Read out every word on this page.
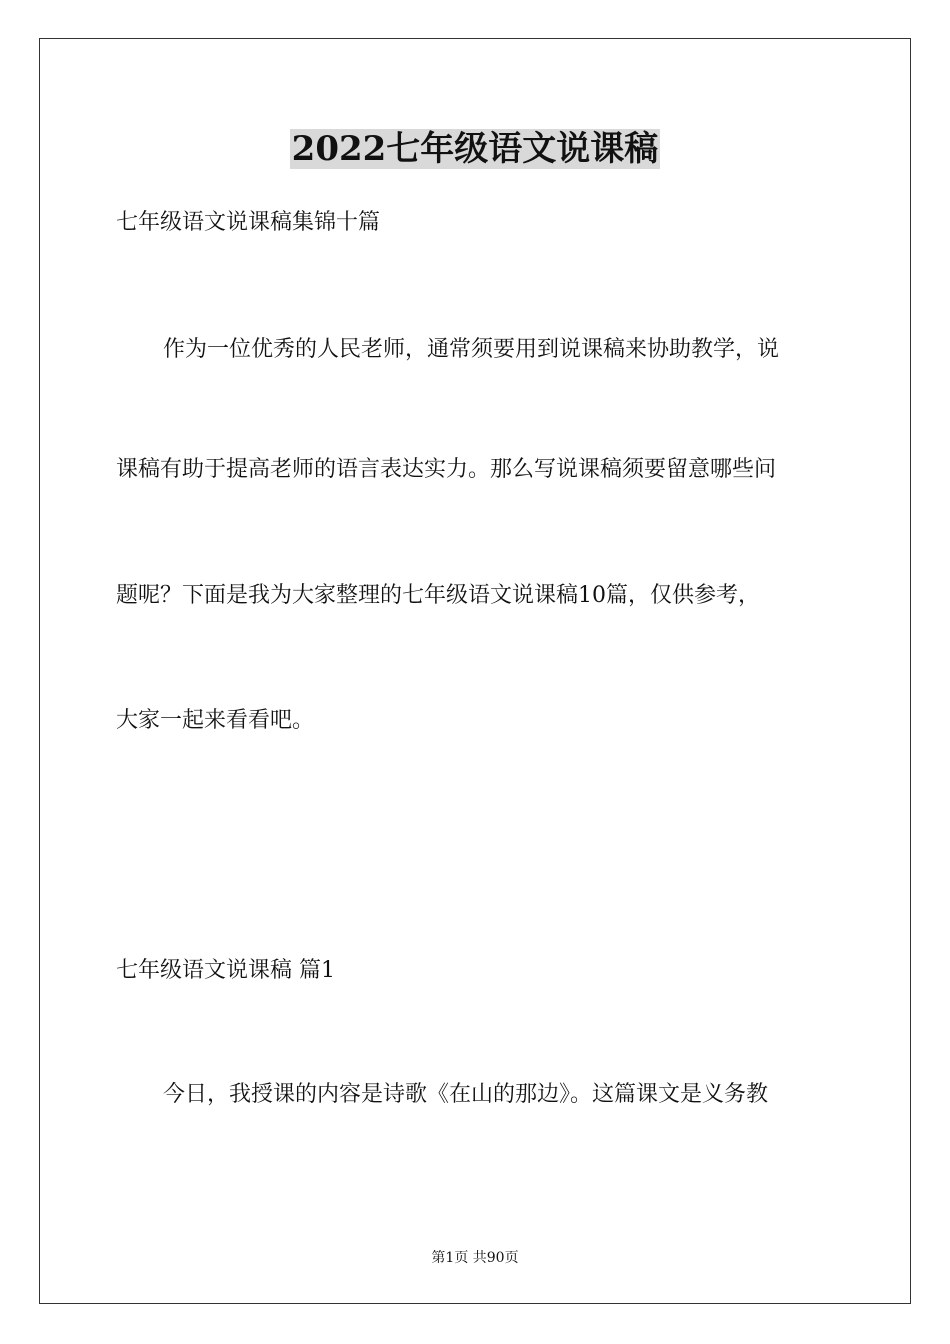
2022七年级语文说课稿
七年级语文说课稿集锦十篇
作为一位优秀的人民老师，通常须要用到说课稿来协助教学，说
课稿有助于提高老师的语言表达实力。那么写说课稿须要留意哪些问
题呢？下面是我为大家整理的七年级语文说课稿10篇，仅供参考，
大家一起来看看吧。
七年级语文说课稿 篇1
今日，我授课的内容是诗歌《在山的那边》。这篇课文是义务教
第1页 共90页
